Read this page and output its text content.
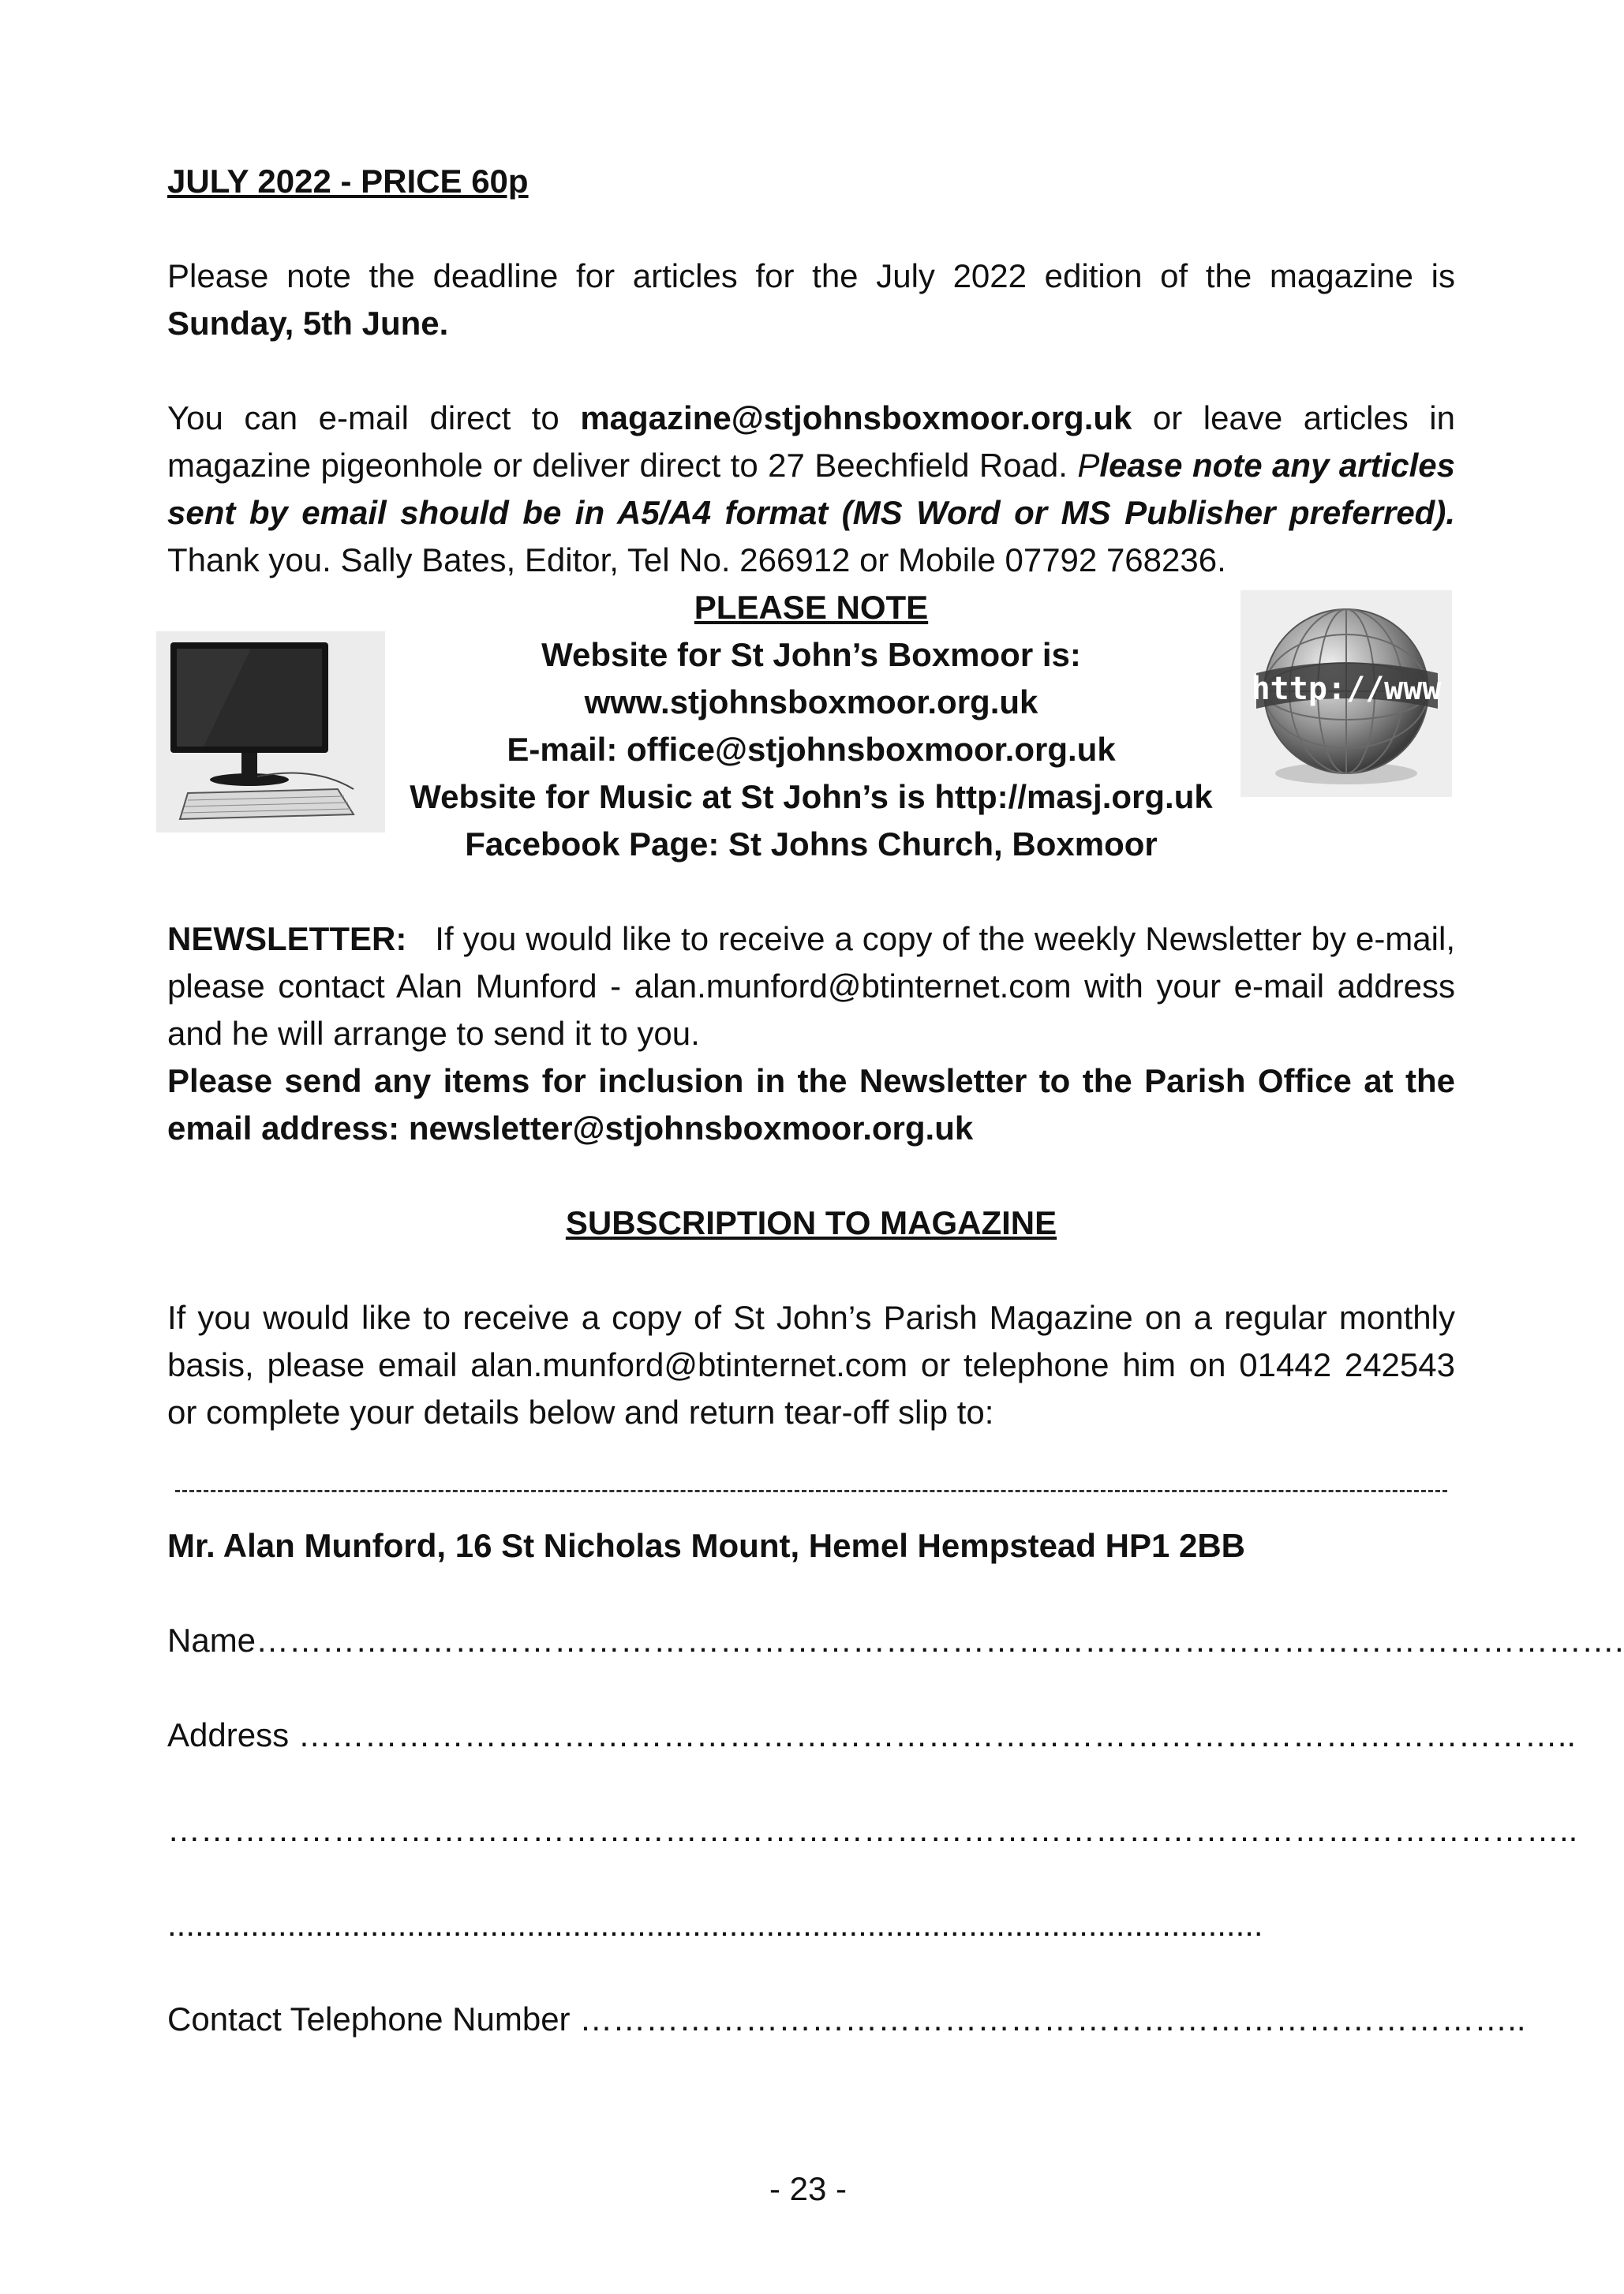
JULY 2022 - PRICE 60p

Please note the deadline for articles for the July 2022 edition of the magazine is Sunday, 5th June.

You can e-mail direct to magazine@stjohnsboxmoor.org.uk or leave articles in magazine pigeonhole or deliver direct to 27 Beechfield Road. Please note any articles sent by email should be in A5/A4 format (MS Word or MS Publisher preferred). Thank you. Sally Bates, Editor, Tel No. 266912 or Mobile 07792 768236.

PLEASE NOTE

Website for St John’s Boxmoor is:

www.stjohnsboxmoor.org.uk

E-mail: office@stjohnsboxmoor.org.uk

Website for Music at St John’s is http://masj.org.uk

Facebook Page: St Johns Church, Boxmoor

http://www

NEWSLETTER: If you would like to receive a copy of the weekly Newsletter by e-mail, please contact Alan Munford - alan.munford@btinternet.com with your e-mail address and he will arrange to send it to you.

Please send any items for inclusion in the Newsletter to the Parish Office at the email address: newsletter@stjohnsboxmoor.org.uk

SUBSCRIPTION TO MAGAZINE

If you would like to receive a copy of St John’s Parish Magazine on a regular monthly basis, please email alan.munford@btinternet.com or telephone him on 01442 242543 or complete your details below and return tear-off slip to:

Mr. Alan Munford, 16 St Nicholas Mount, Hemel Hempstead HP1 2BB

Name…………………………………………………………………………………………………………….

Address ……………………………………………………………………………………………………..

………………………………………………………………………………………………………………..

.......................................................................................................................

Contact Telephone Number …………………………………………………………………………..

- 23 -
